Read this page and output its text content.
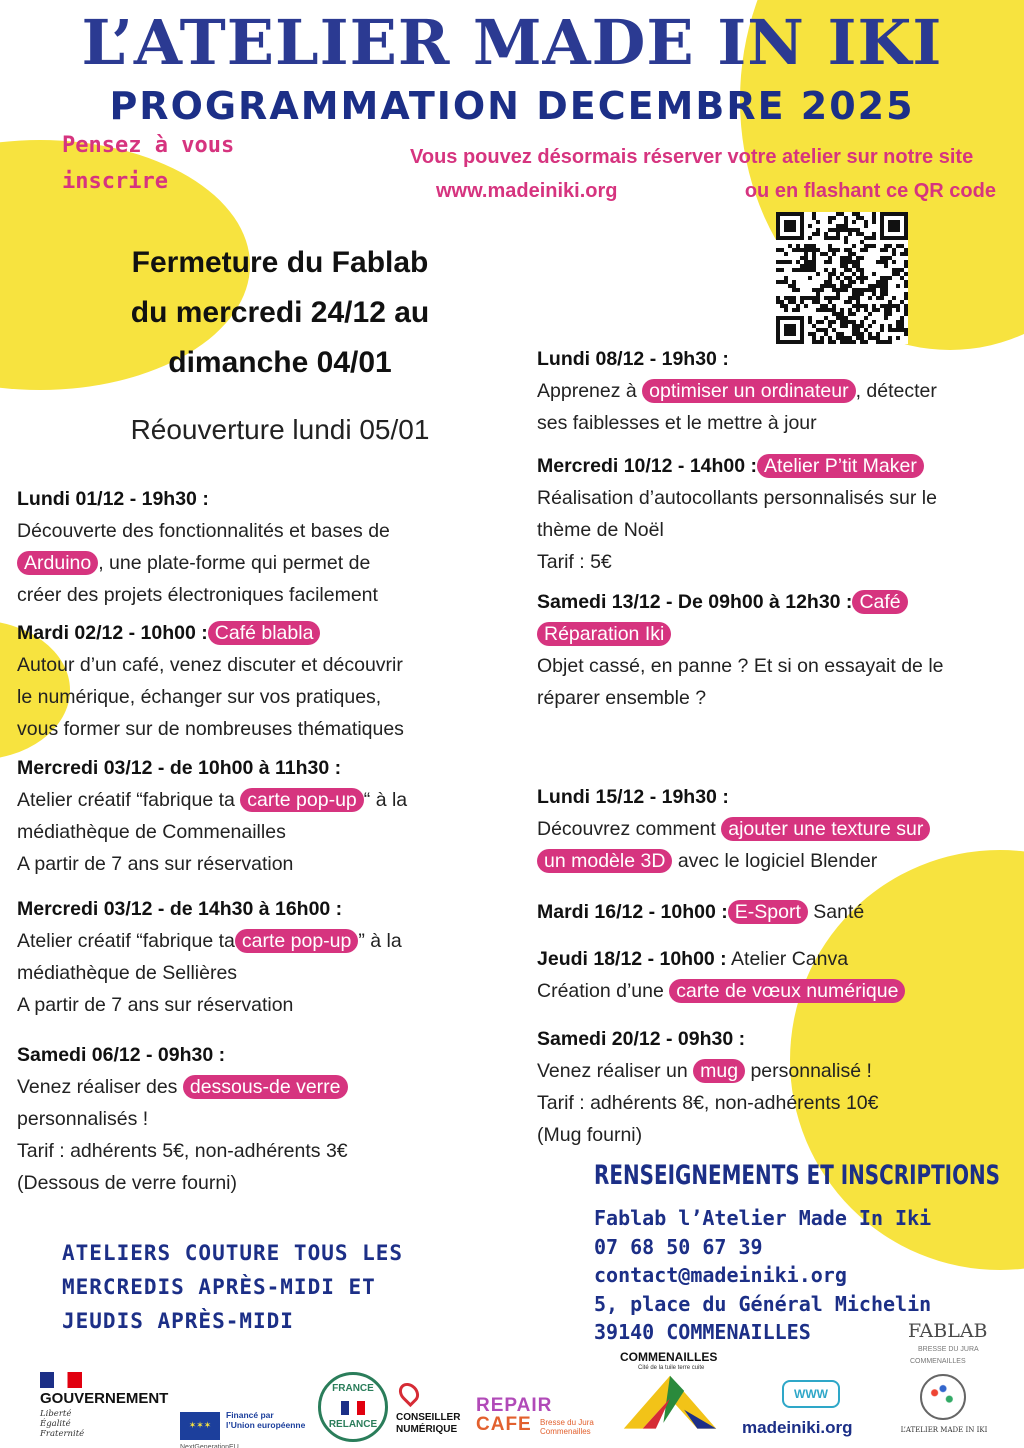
L’ATELIER MADE IN IKI
PROGRAMMATION DECEMBRE 2025
Pensez à vous
inscrire
Vous pouvez désormais réserver votre atelier sur notre site
www.madeiniki.org	ou en flashant ce QR code
Fermeture du Fablab
du mercredi 24/12 au
dimanche 04/01
Réouverture lundi 05/01
Lundi 01/12 - 19h30 :
Découverte des fonctionnalités et bases de
Arduino , une plate-forme qui permet de
créer des projets électroniques facilement
Mardi 02/12 - 10h00 : Café blabla
Autour d’un café, venez discuter et découvrir
le numérique, échanger sur vos pratiques,
vous former sur de nombreuses thématiques
Mercredi 03/12 - de 10h00 à 11h30 :
Atelier créatif “fabrique ta carte pop-up “ à la
médiathèque de Commenailles
A partir de 7 ans sur réservation
Mercredi 03/12 - de 14h30 à 16h00 :
Atelier créatif “fabrique ta carte pop-up ” à la
médiathèque de Sellières
A partir de 7 ans sur réservation
Samedi 06/12 - 09h30 :
Venez réaliser des dessous-de verre
personnalisés !
Tarif : adhérents 5€, non-adhérents 3€
(Dessous de verre fourni)
Lundi 08/12 - 19h30 :
Apprenez à optimiser un ordinateur , détecter
ses faiblesses et le mettre à jour
Mercredi 10/12 - 14h00 : Atelier P’tit Maker
Réalisation d’autocollants personnalisés sur le
thème de Noël
Tarif : 5€
Samedi 13/12 - De 09h00 à 12h30 : Café
Réparation Iki
Objet cassé, en panne ? Et si on essayait de le
réparer ensemble ?
Lundi 15/12 - 19h30 :
Découvrez comment ajouter une texture sur
un modèle 3D avec le logiciel Blender
Mardi 16/12 - 10h00 : E-Sport Santé
Jeudi 18/12 - 10h00 : Atelier Canva
Création d’une carte de vœux numérique
Samedi 20/12 - 09h30 :
Venez réaliser un mug personnalisé !
Tarif : adhérents 8€, non-adhérents 10€
(Mug fourni)
RENSEIGNEMENTS ET INSCRIPTIONS
Fablab l’Atelier Made In Iki
07 68 50 67 39
contact@madeiniki.org
5, place du Général Michelin
39140 COMMENAILLES
ATELIERS COUTURE TOUS LES
MERCREDIS APRÈS-MIDI ET
JEUDIS APRÈS-MIDI
GOUVERNEMENT
Liberté
Égalité
Fraternité
✶✶✶
Financé par
l’Union européenne
NextGenerationEU
FRANCE
RELANCE
CONSEILLER
NUMÉRIQUE
REPAIR
CAFE	Bresse du Jura
Commenailles
COMMENAILLES
Cité de la tuile terre cuite
WWW
madeiniki.org
FABLAB
BRESSE DU JURA
COMMENAILLES
L’ATELIER MADE IN IKI
